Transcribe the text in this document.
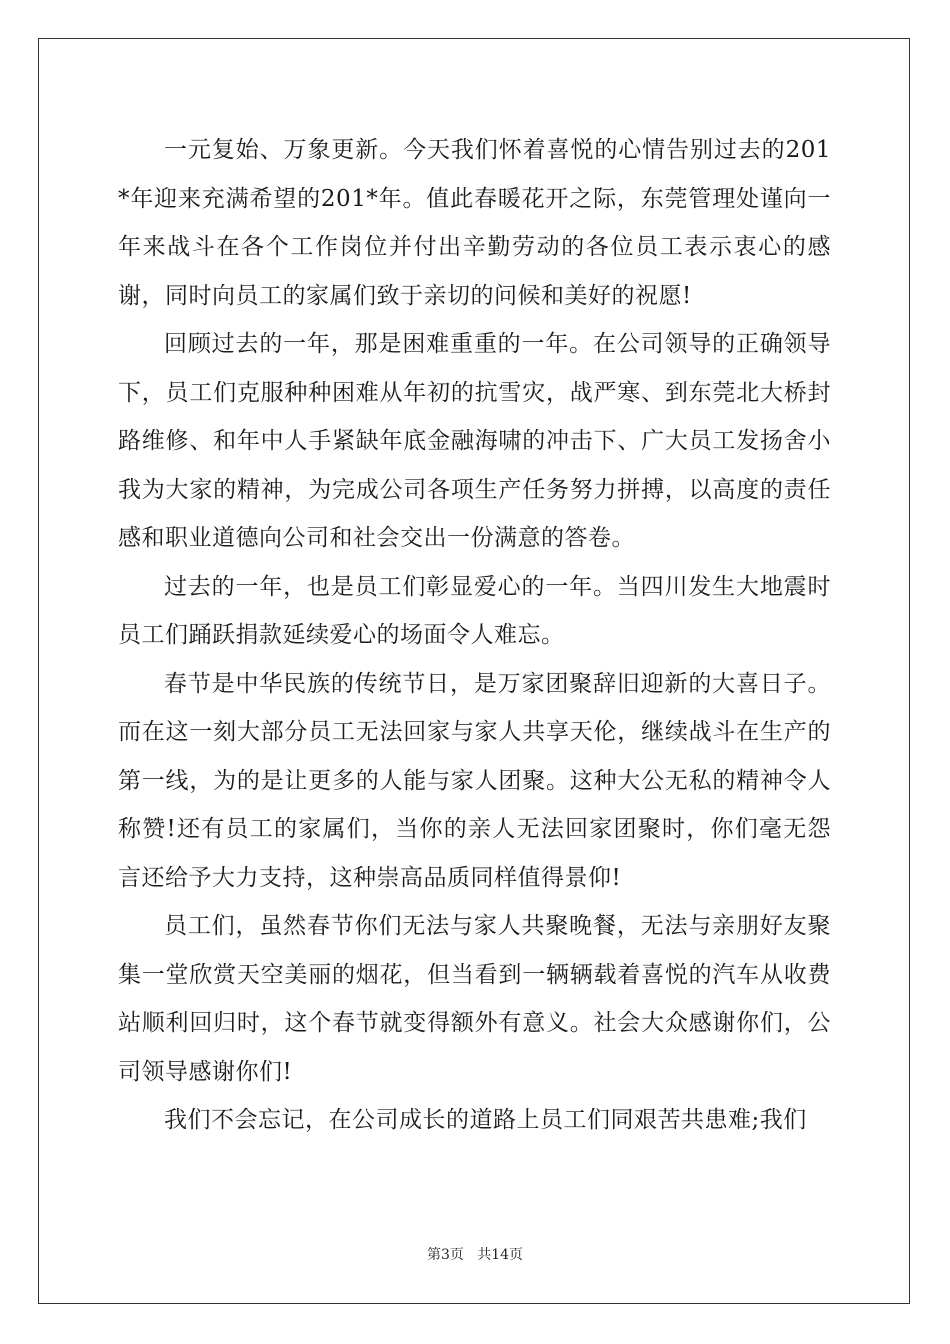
一元复始、万象更新。今天我们怀着喜悦的心情告别过去的201*年迎来充满希望的201*年。值此春暖花开之际，东莞管理处谨向一年来战斗在各个工作岗位并付出辛勤劳动的各位员工表示衷心的感谢，同时向员工的家属们致于亲切的问候和美好的祝愿!

回顾过去的一年，那是困难重重的一年。在公司领导的正确领导下，员工们克服种种困难从年初的抗雪灾，战严寒、到东莞北大桥封路维修、和年中人手紧缺年底金融海啸的冲击下、广大员工发扬舍小我为大家的精神，为完成公司各项生产任务努力拼搏，以高度的责任感和职业道德向公司和社会交出一份满意的答卷。

过去的一年，也是员工们彰显爱心的一年。当四川发生大地震时员工们踊跃捐款延续爱心的场面令人难忘。

春节是中华民族的传统节日，是万家团聚辞旧迎新的大喜日子。而在这一刻大部分员工无法回家与家人共享天伦，继续战斗在生产的第一线，为的是让更多的人能与家人团聚。这种大公无私的精神令人称赞!还有员工的家属们，当你的亲人无法回家团聚时，你们毫无怨言还给予大力支持，这种崇高品质同样值得景仰!

员工们，虽然春节你们无法与家人共聚晚餐，无法与亲朋好友聚集一堂欣赏天空美丽的烟花，但当看到一辆辆载着喜悦的汽车从收费站顺利回归时，这个春节就变得额外有意义。社会大众感谢你们，公司领导感谢你们!

我们不会忘记，在公司成长的道路上员工们同艰苦共患难;我们

第3页   共14页
